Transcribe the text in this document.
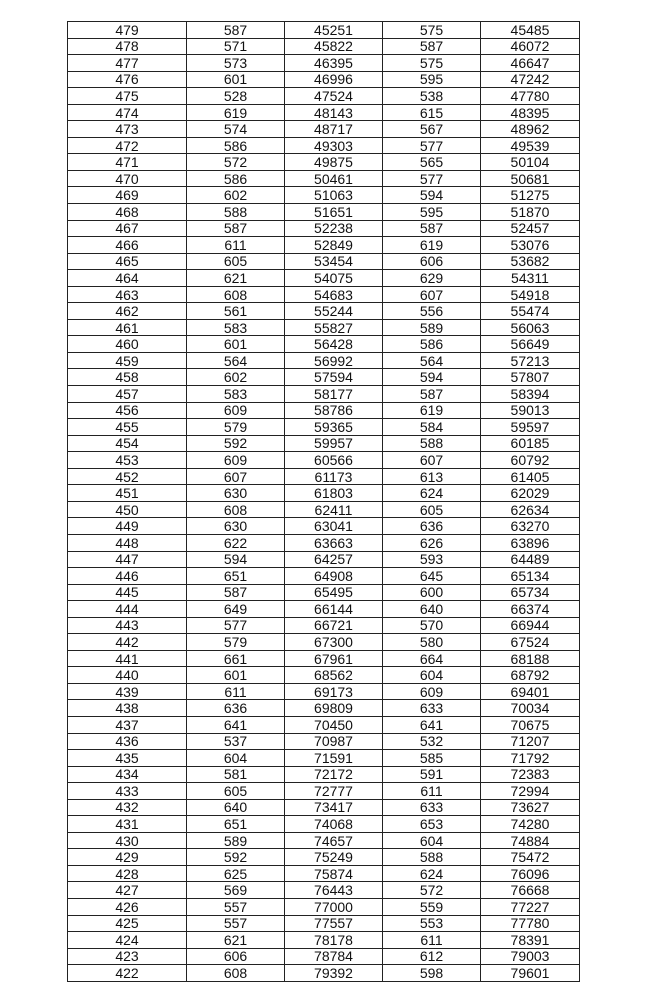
479	587	45251	575	45485
478	571	45822	587	46072
477	573	46395	575	46647
476	601	46996	595	47242
475	528	47524	538	47780
474	619	48143	615	48395
473	574	48717	567	48962
472	586	49303	577	49539
471	572	49875	565	50104
470	586	50461	577	50681
469	602	51063	594	51275
468	588	51651	595	51870
467	587	52238	587	52457
466	611	52849	619	53076
465	605	53454	606	53682
464	621	54075	629	54311
463	608	54683	607	54918
462	561	55244	556	55474
461	583	55827	589	56063
460	601	56428	586	56649
459	564	56992	564	57213
458	602	57594	594	57807
457	583	58177	587	58394
456	609	58786	619	59013
455	579	59365	584	59597
454	592	59957	588	60185
453	609	60566	607	60792
452	607	61173	613	61405
451	630	61803	624	62029
450	608	62411	605	62634
449	630	63041	636	63270
448	622	63663	626	63896
447	594	64257	593	64489
446	651	64908	645	65134
445	587	65495	600	65734
444	649	66144	640	66374
443	577	66721	570	66944
442	579	67300	580	67524
441	661	67961	664	68188
440	601	68562	604	68792
439	611	69173	609	69401
438	636	69809	633	70034
437	641	70450	641	70675
436	537	70987	532	71207
435	604	71591	585	71792
434	581	72172	591	72383
433	605	72777	611	72994
432	640	73417	633	73627
431	651	74068	653	74280
430	589	74657	604	74884
429	592	75249	588	75472
428	625	75874	624	76096
427	569	76443	572	76668
426	557	77000	559	77227
425	557	77557	553	77780
424	621	78178	611	78391
423	606	78784	612	79003
422	608	79392	598	79601
